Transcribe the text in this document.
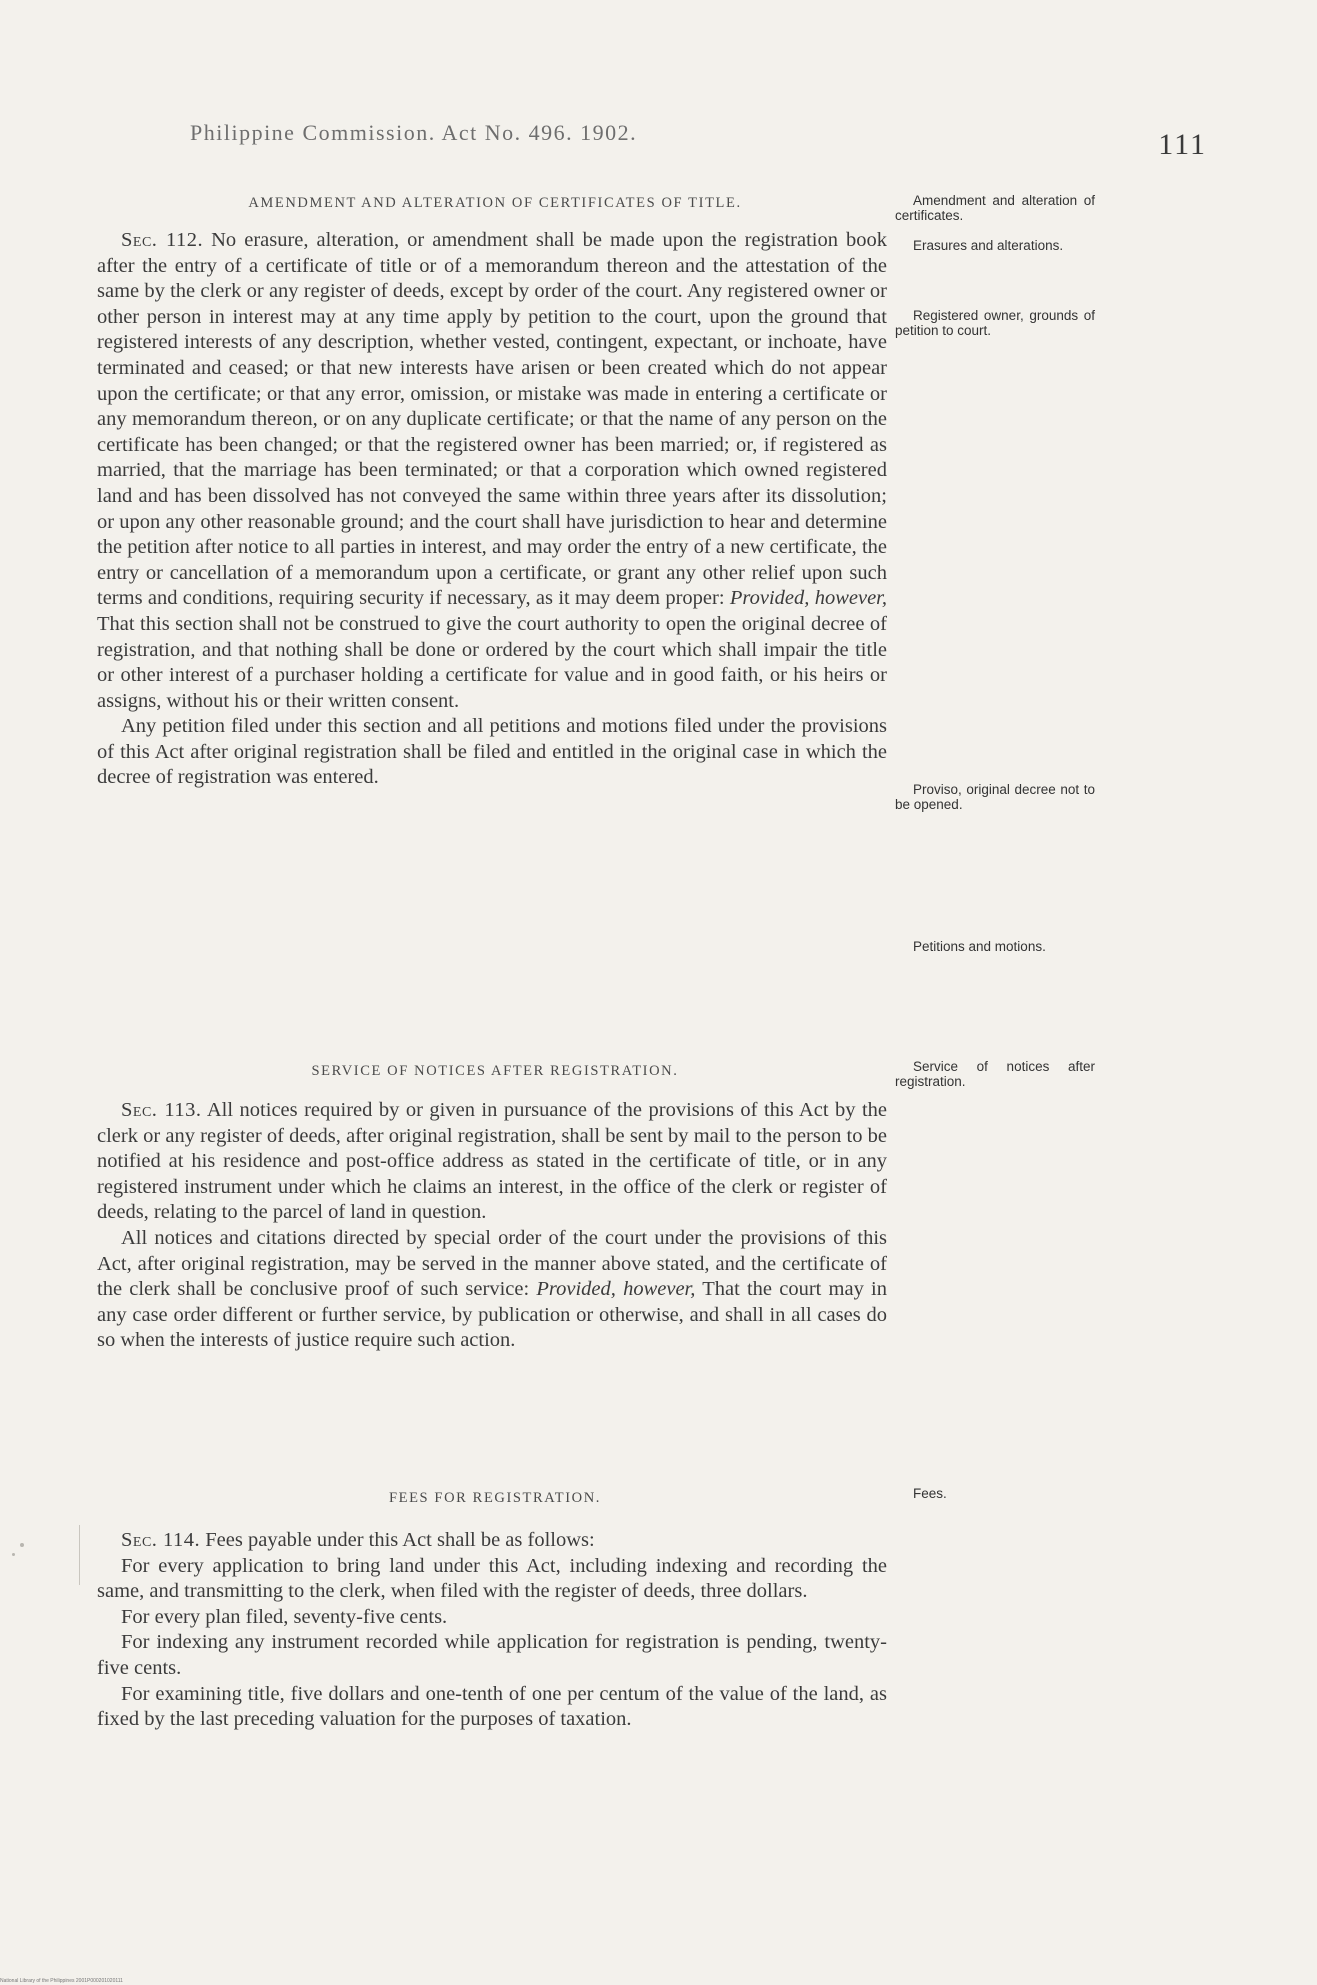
Philippine Commission. Act No. 496. 1902.	111
AMENDMENT AND ALTERATION OF CERTIFICATES OF TITLE.

Sec. 112. No erasure, alteration, or amendment shall be made upon the registration book after the entry of a certificate of title or of a memorandum thereon and the attestation of the same by the clerk or any register of deeds, except by order of the court. Any registered owner or other person in interest may at any time apply by petition to the court, upon the ground that registered interests of any description, whether vested, contingent, expectant, or inchoate, have terminated and ceased; or that new interests have arisen or been created which do not appear upon the certificate; or that any error, omission, or mistake was made in entering a certificate or any memorandum thereon, or on any duplicate certificate; or that the name of any person on the certificate has been changed; or that the registered owner has been married; or, if registered as married, that the marriage has been terminated; or that a corporation which owned registered land and has been dissolved has not conveyed the same within three years after its dissolution; or upon any other reasonable ground; and the court shall have jurisdiction to hear and determine the petition after notice to all parties in interest, and may order the entry of a new certificate, the entry or cancellation of a memorandum upon a certificate, or grant any other relief upon such terms and conditions, requiring security if necessary, as it may deem proper: Provided, however, That this section shall not be construed to give the court authority to open the original decree of registration, and that nothing shall be done or ordered by the court which shall impair the title or other interest of a purchaser holding a certificate for value and in good faith, or his heirs or assigns, without his or their written consent.

Any petition filed under this section and all petitions and motions filed under the provisions of this Act after original registration shall be filed and entitled in the original case in which the decree of registration was entered.

SERVICE OF NOTICES AFTER REGISTRATION.

Sec. 113. All notices required by or given in pursuance of the provisions of this Act by the clerk or any register of deeds, after original registration, shall be sent by mail to the person to be notified at his residence and post-office address as stated in the certificate of title, or in any registered instrument under which he claims an interest, in the office of the clerk or register of deeds, relating to the parcel of land in question.

All notices and citations directed by special order of the court under the provisions of this Act, after original registration, may be served in the manner above stated, and the certificate of the clerk shall be conclusive proof of such service: Provided, however, That the court may in any case order different or further service, by publication or otherwise, and shall in all cases do so when the interests of justice require such action.

FEES FOR REGISTRATION.

Sec. 114. Fees payable under this Act shall be as follows:

For every application to bring land under this Act, including indexing and recording the same, and transmitting to the clerk, when filed with the register of deeds, three dollars.

For every plan filed, seventy-five cents.

For indexing any instrument recorded while application for registration is pending, twenty-five cents.

For examining title, five dollars and one-tenth of one per centum of the value of the land, as fixed by the last preceding valuation for the purposes of taxation.

Amendment and alteration of certificates.

Erasures and alterations.

Registered owner, grounds of petition to court.

Proviso, original decree not to be opened.

Petitions and motions.

Service of notices after registration.

Fees.

National Library of the Philippines 2001P000201020111
